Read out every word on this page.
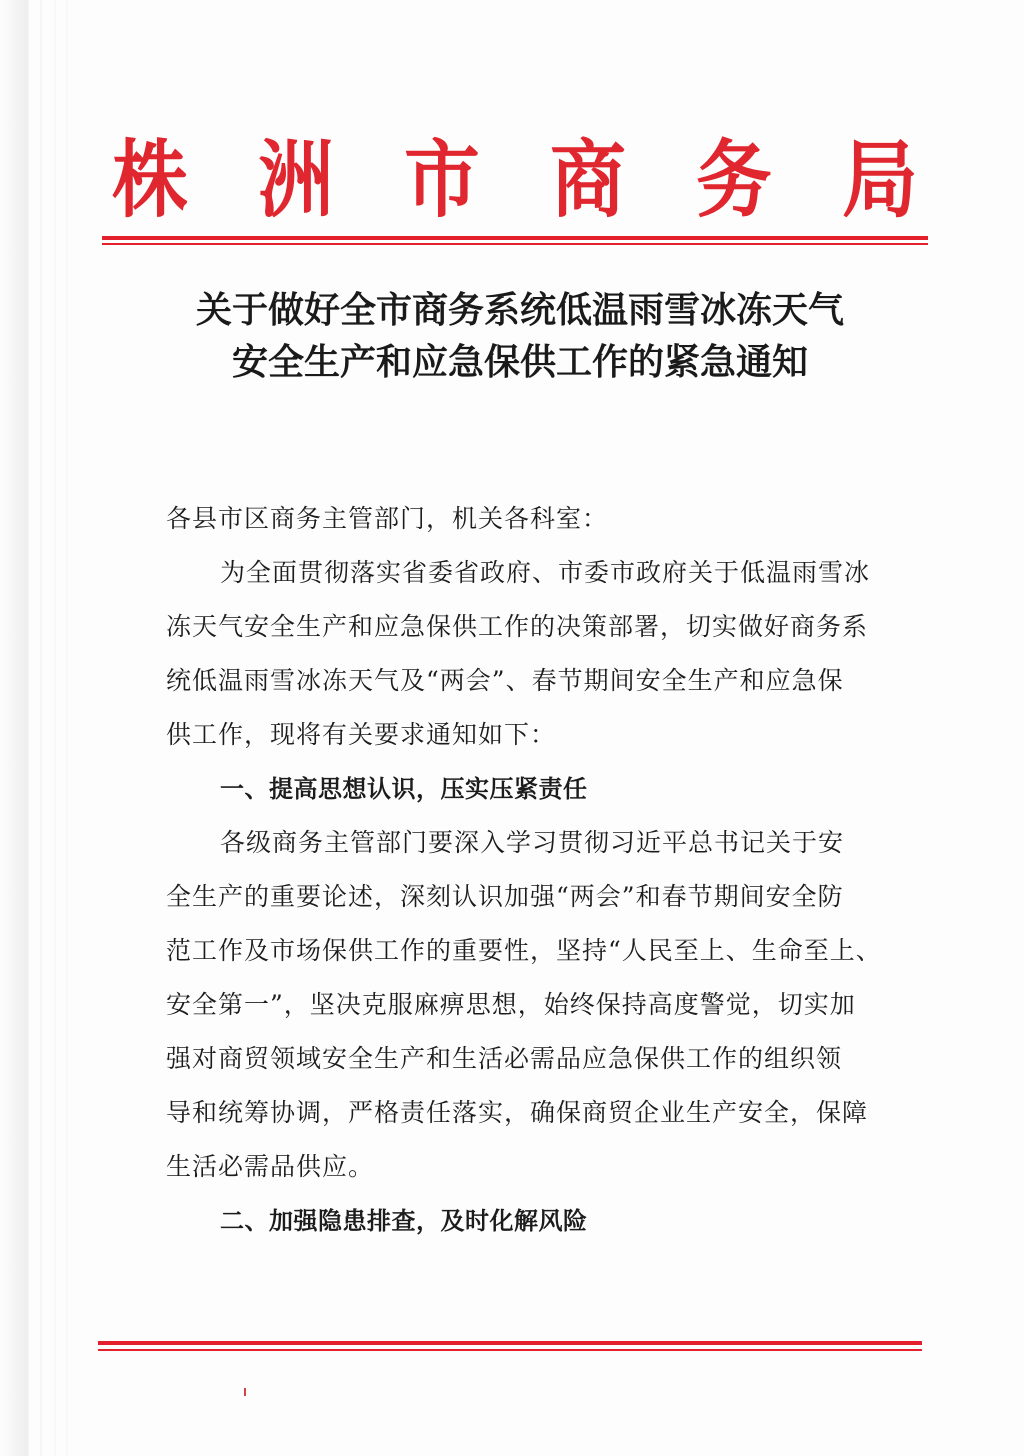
株 洲 市 商 务 局
关于做好全市商务系统低温雨雪冰冻天气
安全生产和应急保供工作的紧急通知
各县市区商务主管部门，机关各科室：
为全面贯彻落实省委省政府、市委市政府关于低温雨雪冰
冻天气安全生产和应急保供工作的决策部署，切实做好商务系
统低温雨雪冰冻天气及“两会”、春节期间安全生产和应急保
供工作，现将有关要求通知如下：
一、提高思想认识，压实压紧责任
各级商务主管部门要深入学习贯彻习近平总书记关于安
全生产的重要论述，深刻认识加强“两会”和春节期间安全防
范工作及市场保供工作的重要性，坚持“人民至上、生命至上、
安全第一”，坚决克服麻痹思想，始终保持高度警觉，切实加
强对商贸领域安全生产和生活必需品应急保供工作的组织领
导和统筹协调，严格责任落实，确保商贸企业生产安全，保障
生活必需品供应。
二、加强隐患排查，及时化解风险
